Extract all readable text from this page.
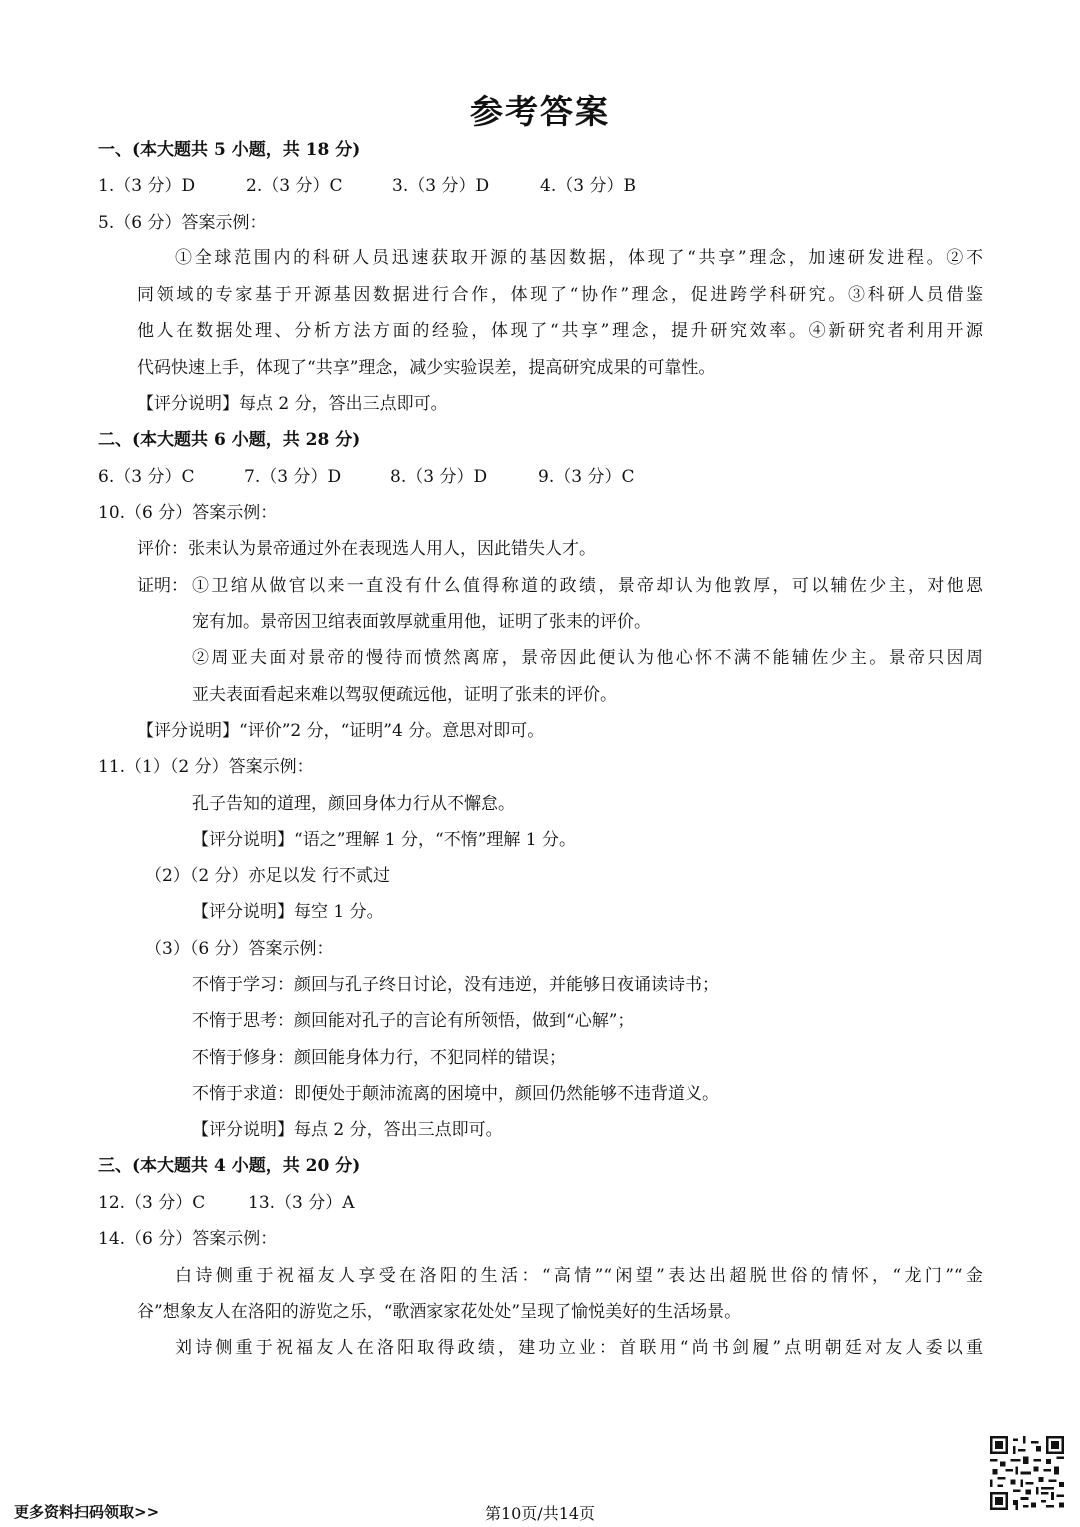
参考答案
一、(本大题共 5 小题，共 18 分)
1.（3 分）D	2.（3 分）C	3.（3 分）D	4.（3 分）B
5.（6 分）答案示例：
①全球范围内的科研人员迅速获取开源的基因数据，体现了“共享”理念，加速研发进程。②不
同领域的专家基于开源基因数据进行合作，体现了“协作”理念，促进跨学科研究。③科研人员借鉴
他人在数据处理、分析方法方面的经验，体现了“共享”理念，提升研究效率。④新研究者利用开源
代码快速上手，体现了“共享”理念，减少实验误差，提高研究成果的可靠性。
【评分说明】每点 2 分，答出三点即可。
二、(本大题共 6 小题，共 28 分)
6.（3 分）C	7.（3 分）D	8.（3 分）D	9.（3 分）C
10.（6 分）答案示例：
评价：张耒认为景帝通过外在表现选人用人，因此错失人才。
证明： ①卫绾从做官以来一直没有什么值得称道的政绩，景帝却认为他敦厚，可以辅佐少主，对他恩
宠有加。景帝因卫绾表面敦厚就重用他，证明了张耒的评价。
②周亚夫面对景帝的慢待而愤然离席，景帝因此便认为他心怀不满不能辅佐少主。景帝只因周
亚夫表面看起来难以驾驭便疏远他，证明了张耒的评价。
【评分说明】“评价”2 分，“证明”4 分。意思对即可。
11.（1）（2 分）答案示例：
孔子告知的道理，颜回身体力行从不懈怠。
【评分说明】“语之”理解 1 分，“不惰”理解 1 分。
（2）（2 分）亦足以发 行不贰过
【评分说明】每空 1 分。
（3）（6 分）答案示例：
不惰于学习：颜回与孔子终日讨论，没有违逆，并能够日夜诵读诗书；
不惰于思考：颜回能对孔子的言论有所领悟，做到“心解”；
不惰于修身：颜回能身体力行，不犯同样的错误；
不惰于求道：即便处于颠沛流离的困境中，颜回仍然能够不违背道义。
【评分说明】每点 2 分，答出三点即可。
三、(本大题共 4 小题，共 20 分)
12.（3 分）C	13.（3 分）A
14.（6 分）答案示例：
白诗侧重于祝福友人享受在洛阳的生活：“高情”“闲望”表达出超脱世俗的情怀，“龙门”“金
谷”想象友人在洛阳的游览之乐，“歌酒家家花处处”呈现了愉悦美好的生活场景。
刘诗侧重于祝福友人在洛阳取得政绩，建功立业：首联用“尚书剑履”点明朝廷对友人委以重
更多资料扫码领取>>	第10页/共14页
